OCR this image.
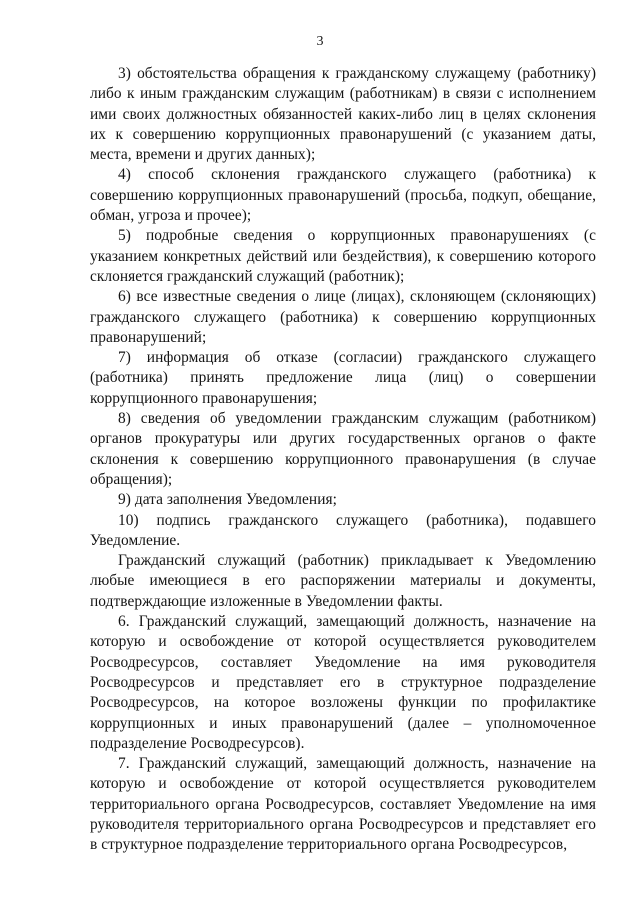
3

3) обстоятельства обращения к гражданскому служащему (работнику) либо к иным гражданским служащим (работникам) в связи с исполнением ими своих должностных обязанностей каких-либо лиц в целях склонения их к совершению коррупционных правонарушений (с указанием даты, места, времени и других данных);

4) способ склонения гражданского служащего (работника) к совершению коррупционных правонарушений (просьба, подкуп, обещание, обман, угроза и прочее);

5) подробные сведения о коррупционных правонарушениях (с указанием конкретных действий или бездействия), к совершению которого склоняется гражданский служащий (работник);

6) все известные сведения о лице (лицах), склоняющем (склоняющих) гражданского служащего (работника) к совершению коррупционных правонарушений;

7) информация об отказе (согласии) гражданского служащего (работника) принять предложение лица (лиц) о совершении коррупционного правонарушения;

8) сведения об уведомлении гражданским служащим (работником) органов прокуратуры или других государственных органов о факте склонения к совершению коррупционного правонарушения (в случае обращения);

9) дата заполнения Уведомления;

10) подпись гражданского служащего (работника), подавшего Уведомление.

Гражданский служащий (работник) прикладывает к Уведомлению любые имеющиеся в его распоряжении материалы и документы, подтверждающие изложенные в Уведомлении факты.

6. Гражданский служащий, замещающий должность, назначение на которую и освобождение от которой осуществляется руководителем Росводресурсов, составляет Уведомление на имя руководителя Росводресурсов и представляет его в структурное подразделение Росводресурсов, на которое возложены функции по профилактике коррупционных и иных правонарушений (далее – уполномоченное подразделение Росводресурсов).

7. Гражданский служащий, замещающий должность, назначение на которую и освобождение от которой осуществляется руководителем территориального органа Росводресурсов, составляет Уведомление на имя руководителя территориального органа Росводресурсов и представляет его в структурное подразделение территориального органа Росводресурсов,
